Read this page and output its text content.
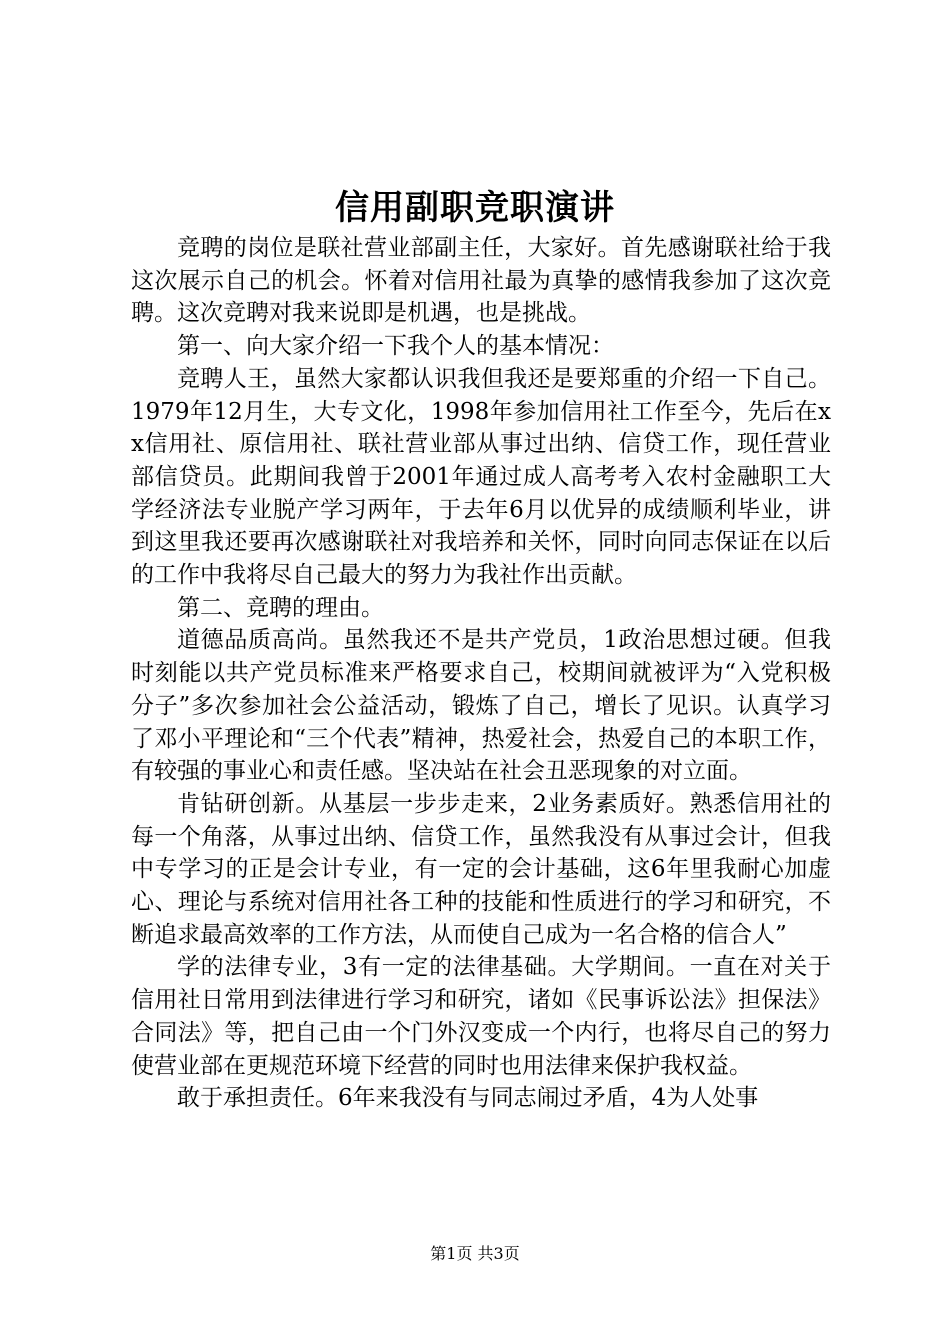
信用副职竞职演讲

竞聘的岗位是联社营业部副主任，大家好。首先感谢联社给于我这次展示自己的机会。怀着对信用社最为真挚的感情我参加了这次竞聘。这次竞聘对我来说即是机遇，也是挑战。

第一、向大家介绍一下我个人的基本情况：

竞聘人王，虽然大家都认识我但我还是要郑重的介绍一下自己。1979年12月生，大专文化，1998年参加信用社工作至今，先后在xx信用社、原信用社、联社营业部从事过出纳、信贷工作，现任营业部信贷员。此期间我曾于2001年通过成人高考考入农村金融职工大学经济法专业脱产学习两年，于去年6月以优异的成绩顺利毕业，讲到这里我还要再次感谢联社对我培养和关怀，同时向同志保证在以后的工作中我将尽自己最大的努力为我社作出贡献。

第二、竞聘的理由。

道德品质高尚。虽然我还不是共产党员，1政治思想过硬。但我时刻能以共产党员标准来严格要求自己，校期间就被评为“入党积极分子”多次参加社会公益活动，锻炼了自己，增长了见识。认真学习了邓小平理论和“三个代表”精神，热爱社会，热爱自己的本职工作，有较强的事业心和责任感。坚决站在社会丑恶现象的对立面。

肯钻研创新。从基层一步步走来，2业务素质好。熟悉信用社的每一个角落，从事过出纳、信贷工作，虽然我没有从事过会计，但我中专学习的正是会计专业，有一定的会计基础，这6年里我耐心加虚心、理论与系统对信用社各工种的技能和性质进行的学习和研究，不断追求最高效率的工作方法，从而使自己成为一名合格的信合人”

学的法律专业，3有一定的法律基础。大学期间。一直在对关于信用社日常用到法律进行学习和研究，诸如《民事诉讼法》担保法》合同法》等，把自己由一个门外汉变成一个内行，也将尽自己的努力使营业部在更规范环境下经营的同时也用法律来保护我权益。

敢于承担责任。6年来我没有与同志闹过矛盾，4为人处事

第1页 共3页
